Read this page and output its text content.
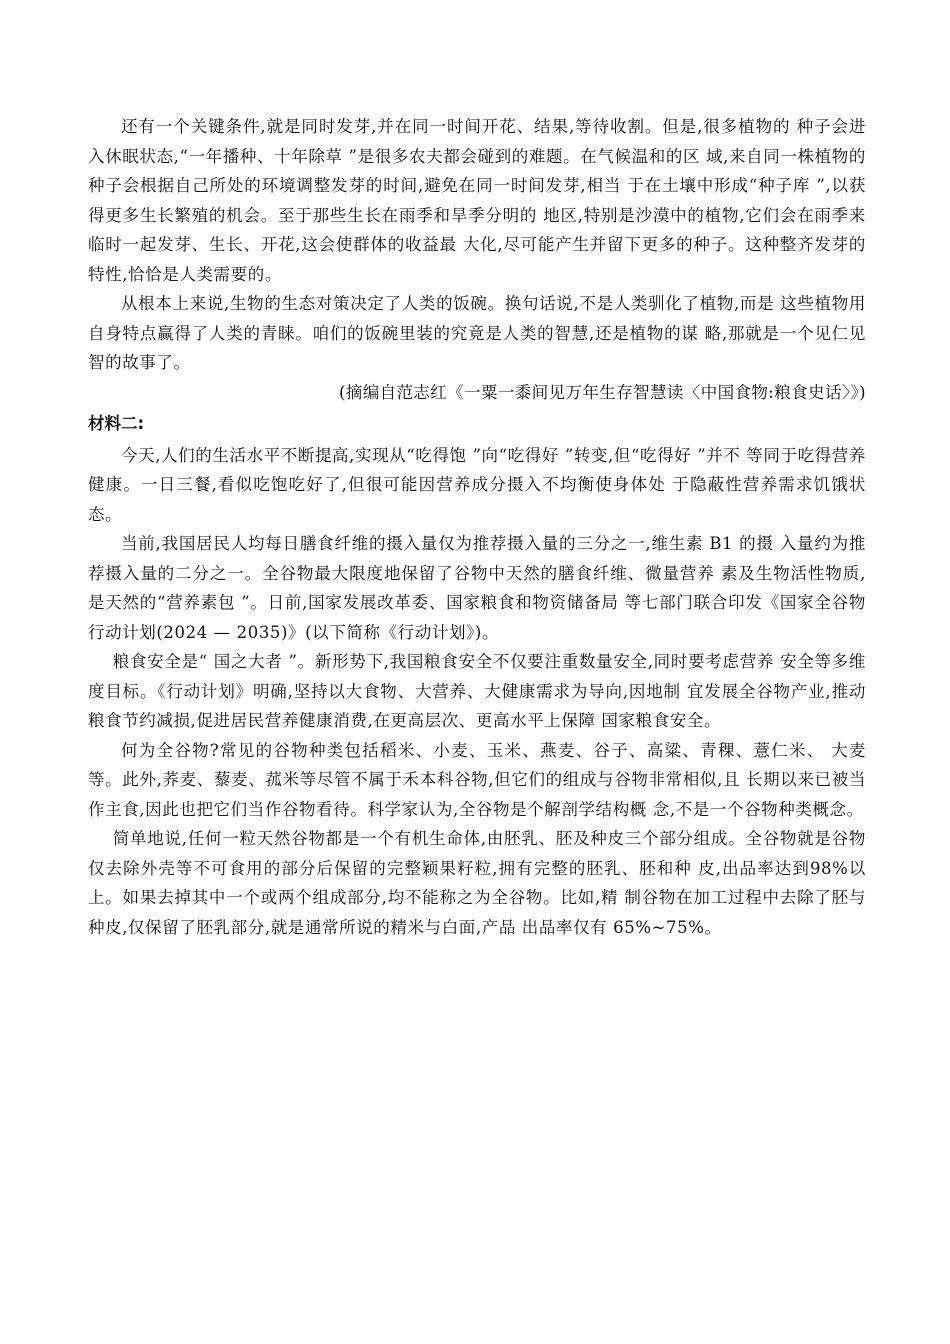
还有一个关键条件,就是同时发芽,并在同一时间开花、结果,等待收割。但是,很多植物的 种子会进入休眠状态,“一年播种、十年除草 ”是很多农夫都会碰到的难题。在气候温和的区 域,来自同一株植物的种子会根据自己所处的环境调整发芽的时间,避免在同一时间发芽,相当 于在土壤中形成“种子库 ”,以获得更多生长繁殖的机会。至于那些生长在雨季和旱季分明的 地区,特别是沙漠中的植物,它们会在雨季来临时一起发芽、生长、开花,这会使群体的收益最 大化,尽可能产生并留下更多的种子。这种整齐发芽的特性,恰恰是人类需要的。

从根本上来说,生物的生态对策决定了人类的饭碗。换句话说,不是人类驯化了植物,而是 这些植物用自身特点赢得了人类的青睐。咱们的饭碗里装的究竟是人类的智慧,还是植物的谋 略,那就是一个见仁见智的故事了。

(摘编自范志红《一粟一黍间见万年生存智慧读〈中国食物:粮食史话〉》)

材料二:

今天,人们的生活水平不断提高,实现从“吃得饱 ”向“吃得好 ”转变,但“吃得好 ”并不 等同于吃得营养健康。一日三餐,看似吃饱吃好了,但很可能因营养成分摄入不均衡使身体处 于隐蔽性营养需求饥饿状态。

当前,我国居民人均每日膳食纤维的摄入量仅为推荐摄入量的三分之一,维生素 B1 的摄 入量约为推荐摄入量的二分之一。全谷物最大限度地保留了谷物中天然的膳食纤维、微量营养 素及生物活性物质,是天然的“营养素包 ”。日前,国家发展改革委、国家粮食和物资储备局 等七部门联合印发《国家全谷物行动计划(2024 — 2035)》(以下简称《行动计划》)。

粮食安全是“ 国之大者 ”。新形势下,我国粮食安全不仅要注重数量安全,同时要考虑营养 安全等多维度目标。《行动计划》明确,坚持以大食物、大营养、大健康需求为导向,因地制 宜发展全谷物产业,推动粮食节约减损,促进居民营养健康消费,在更高层次、更高水平上保障 国家粮食安全。

何为全谷物?常见的谷物种类包括稻米、小麦、玉米、燕麦、谷子、高粱、青稞、薏仁米、 大麦等。此外,荞麦、藜麦、菰米等尽管不属于禾本科谷物,但它们的组成与谷物非常相似,且 长期以来已被当作主食,因此也把它们当作谷物看待。科学家认为,全谷物是个解剖学结构概 念,不是一个谷物种类概念。

简单地说,任何一粒天然谷物都是一个有机生命体,由胚乳、胚及种皮三个部分组成。全谷物就是谷物仅去除外壳等不可食用的部分后保留的完整颖果籽粒,拥有完整的胚乳、胚和种 皮,出品率达到98%以上。如果去掉其中一个或两个组成部分,均不能称之为全谷物。比如,精 制谷物在加工过程中去除了胚与种皮,仅保留了胚乳部分,就是通常所说的精米与白面,产品 出品率仅有 65%~75%。
